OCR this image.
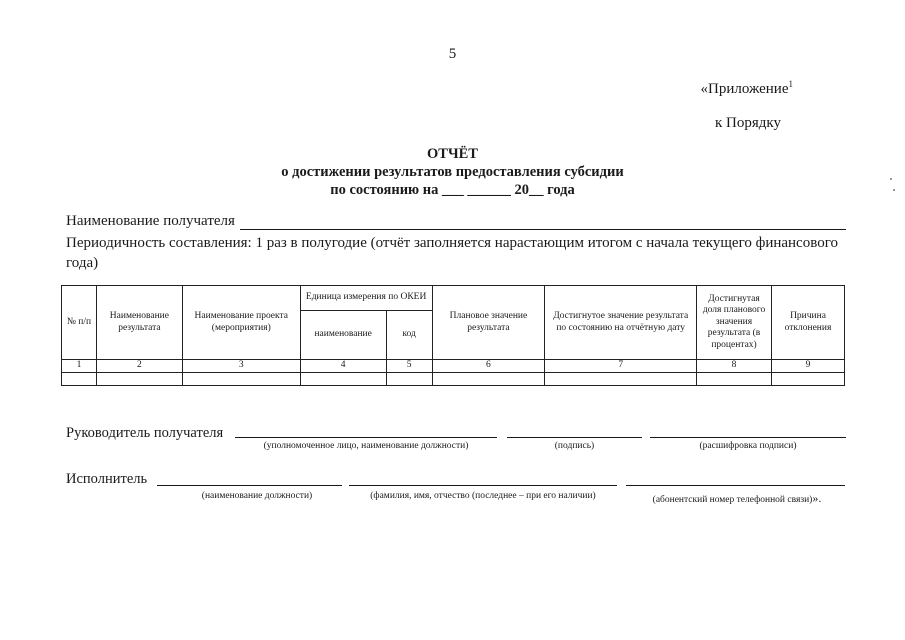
5
«Приложение$^1$
к Порядку
ОТЧЁТ
о достижении результатов предоставления субсидии
по состоянию на ___ ______ 20__ года
Наименование получателя
Периодичность составления: 1 раз в полугодие (отчёт заполняется нарастающим итогом с начала текущего финансового года)
№ п/п	Наименование результата	Наименование проекта (мероприятия)	Единица измерения по ОКЕИ		Плановое значение результата	Достигнутое значение результата по состоянию на отчётную дату	Достигнутая доля планового значения результата (в процентах)	Причина отклонения
			наименование	код				
1	2	3	4	5	6	7	8	9

Руководитель получателя
(уполномоченное лицо, наименование должности)	(подпись)	(расшифровка подписи)
Исполнитель
(наименование должности)	(фамилия, имя, отчество (последнее – при его наличии)	(абонентский номер телефонной связи)».
